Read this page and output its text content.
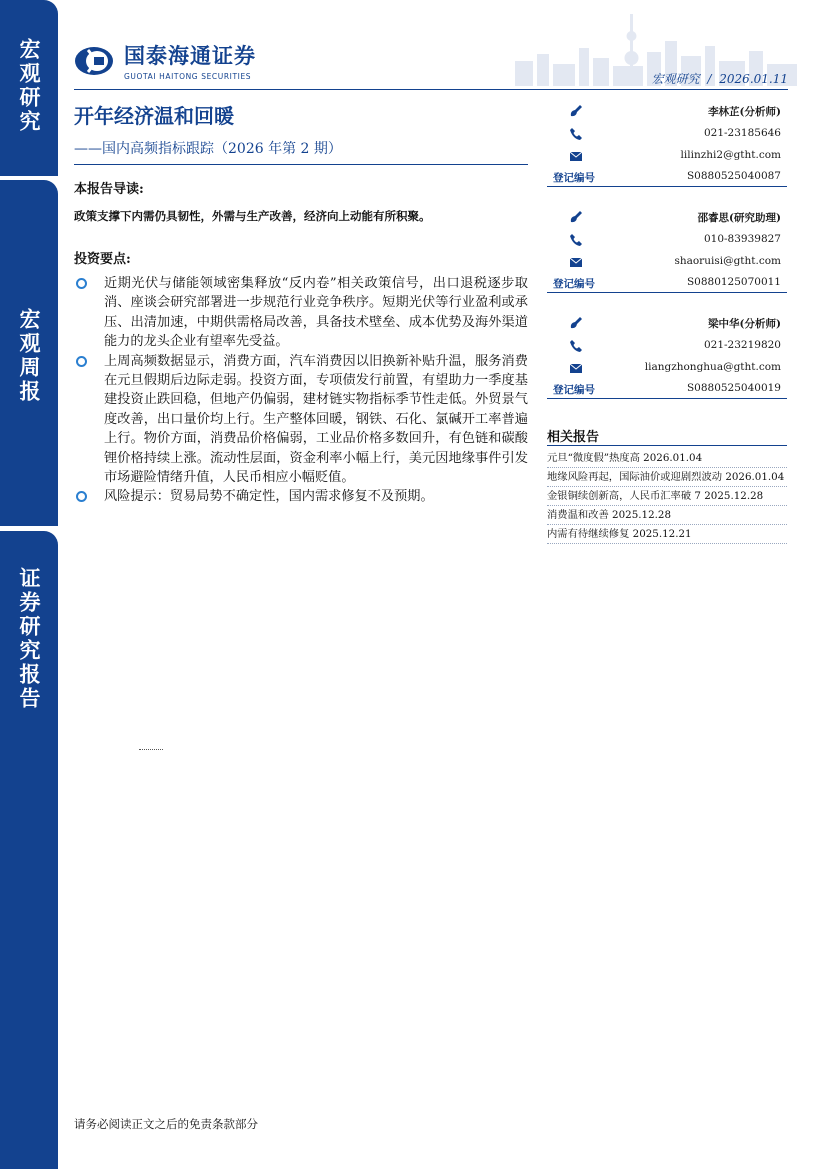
宏观研究
宏观周报
证券研究报告
国泰海通证券
GUOTAI HAITONG SECURITIES	宏观研究 / 2026.01.11
开年经济温和回暖
——国内高频指标跟踪（2026 年第 2 期）
本报告导读:
政策支撑下内需仍具韧性，外需与生产改善，经济向上动能有所积聚。
投资要点:
近期光伏与储能领域密集释放“反内卷”相关政策信号，出口退税逐步取消、座谈会研究部署进一步规范行业竞争秩序。短期光伏等行业盈利或承压、出清加速，中期供需格局改善，具备技术壁垒、成本优势及海外渠道能力的龙头企业有望率先受益。
上周高频数据显示，消费方面，汽车消费因以旧换新补贴升温，服务消费在元旦假期后边际走弱。投资方面，专项债发行前置，有望助力一季度基建投资止跌回稳，但地产仍偏弱，建材链实物指标季节性走低。外贸景气度改善，出口量价均上行。生产整体回暖，钢铁、石化、氯碱开工率普遍上行。物价方面，消费品价格偏弱，工业品价格多数回升，有色链和碳酸锂价格持续上涨。流动性层面，资金利率小幅上行，美元因地缘事件引发市场避险情绪升值，人民币相应小幅贬值。
风险提示：贸易局势不确定性，国内需求修复不及预期。
李林芷(分析师)
021-23185646
lilinzhi2@gtht.com
登记编号	S0880525040087
邵睿思(研究助理)
010-83939827
shaoruisi@gtht.com
登记编号	S0880125070011
梁中华(分析师)
021-23219820
liangzhonghua@gtht.com
登记编号	S0880525040019
相关报告
元旦“微度假”热度高 2026.01.04
地缘风险再起，国际油价或迎剧烈波动 2026.01.04
金银铜续创新高，人民币汇率破 7 2025.12.28
消费温和改善 2025.12.28
内需有待继续修复 2025.12.21
请务必阅读正文之后的免责条款部分
